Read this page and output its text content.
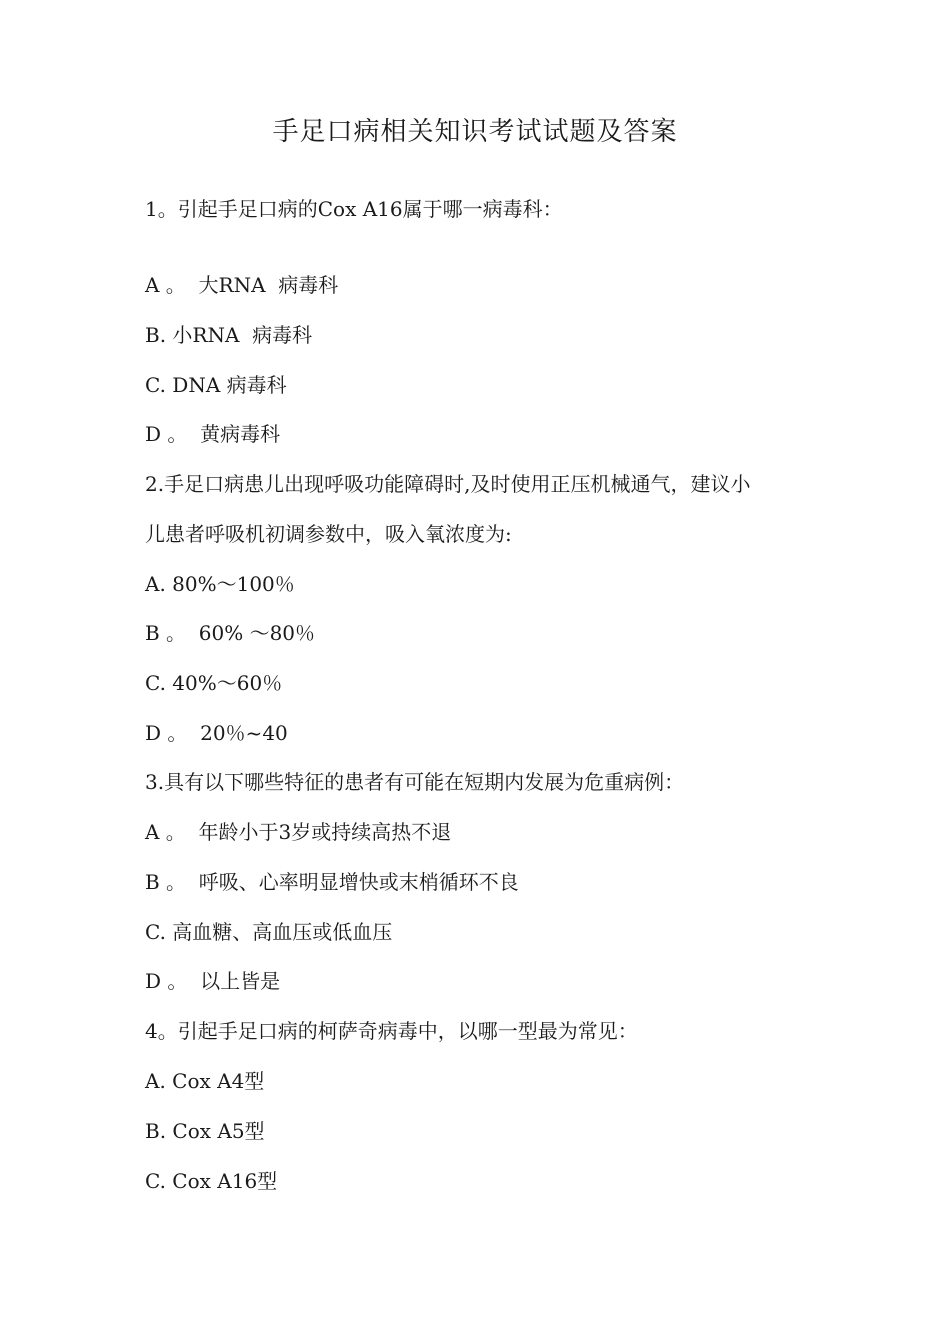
手足口病相关知识考试试题及答案
1。引起手足口病的Cox A16属于哪一病毒科：
A 。  大RNA  病毒科
B. 小RNA  病毒科
C. DNA 病毒科
D 。  黄病毒科
2.手足口病患儿出现呼吸功能障碍时,及时使用正压机械通气，建议小
儿患者呼吸机初调参数中，吸入氧浓度为:
A. 80%～100％
B 。  60% ～80％
C. 40%～60％
D 。  20％~40
3.具有以下哪些特征的患者有可能在短期内发展为危重病例：
A 。  年龄小于3岁或持续高热不退
B 。  呼吸、心率明显增快或末梢循环不良
C. 高血糖、高血压或低血压
D 。  以上皆是
4。引起手足口病的柯萨奇病毒中，以哪一型最为常见：
A. Cox A4型
B. Cox A5型
C. Cox A16型
